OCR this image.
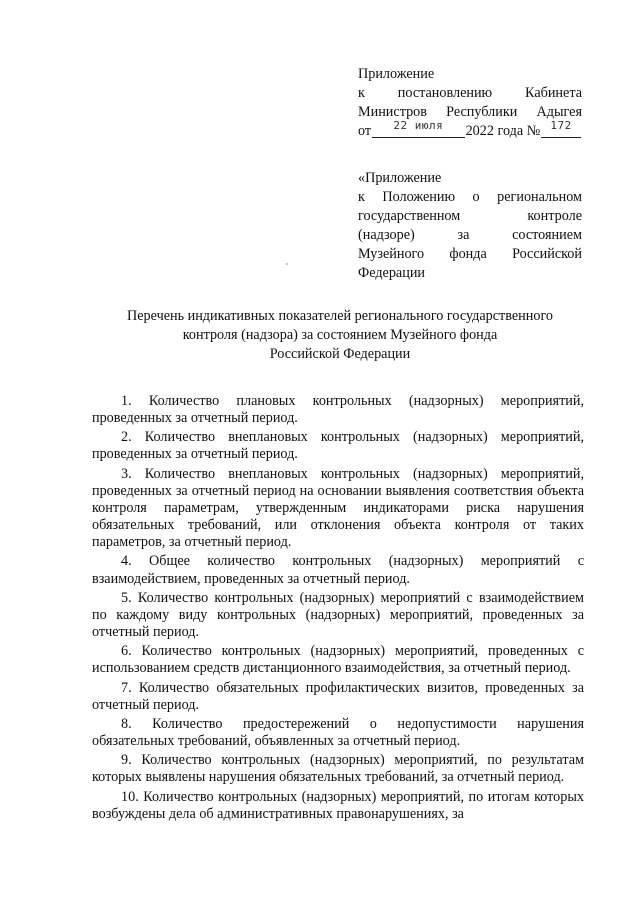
Приложение
к постановлению Кабинета
Министров Республики Адыгея
от 22 июля 2022 года № 172
«Приложение
к Положению о региональном
государственном контроле
(надзоре) за состоянием
Музейного фонда Российской
Федерации
Перечень индикативных показателей регионального государственного
контроля (надзора) за состоянием Музейного фонда
Российской Федерации

1. Количество плановых контрольных (надзорных) мероприятий, проведенных за отчетный период.

2. Количество внеплановых контрольных (надзорных) мероприятий, проведенных за отчетный период.

3. Количество внеплановых контрольных (надзорных) мероприятий, проведенных за отчетный период на основании выявления соответствия объекта контроля параметрам, утвержденным индикаторами риска нарушения обязательных требований, или отклонения объекта контроля от таких параметров, за отчетный период.

4. Общее количество контрольных (надзорных) мероприятий с взаимодействием, проведенных за отчетный период.

5. Количество контрольных (надзорных) мероприятий с взаимодействием по каждому виду контрольных (надзорных) мероприятий, проведенных за отчетный период.

6. Количество контрольных (надзорных) мероприятий, проведенных с использованием средств дистанционного взаимодействия, за отчетный период.

7. Количество обязательных профилактических визитов, проведенных за отчетный период.

8. Количество предостережений о недопустимости нарушения обязательных требований, объявленных за отчетный период.

9. Количество контрольных (надзорных) мероприятий, по результатам которых выявлены нарушения обязательных требований, за отчетный период.

10. Количество контрольных (надзорных) мероприятий, по итогам которых возбуждены дела об административных правонарушениях, за
